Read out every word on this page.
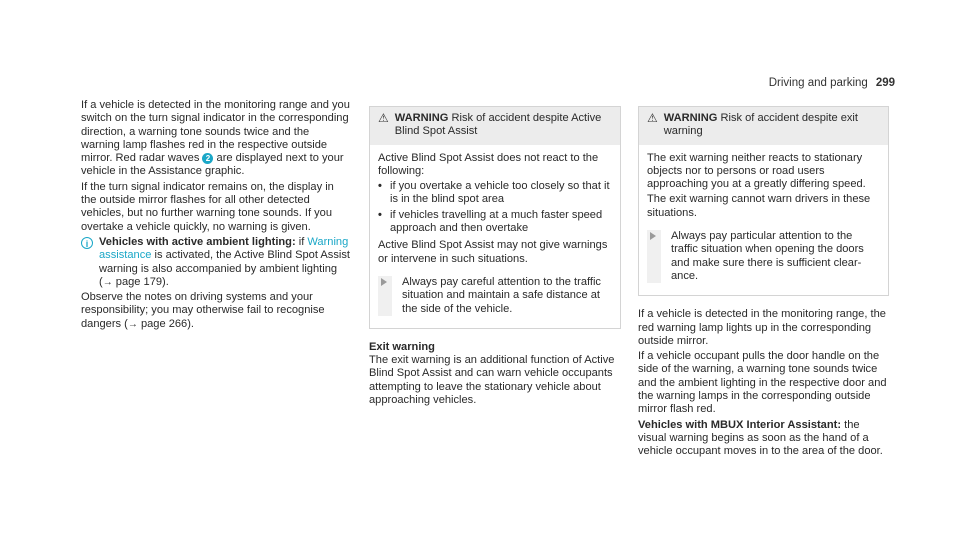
Driving and parking 299

If a vehicle is detected in the monitoring range and you switch on the turn signal indicator in the corresponding direction, a warning tone sounds twice and the warning lamp flashes red in the respective outside mirror. Red radar waves 2 are displayed next to your vehicle in the Assistance graphic.

If the turn signal indicator remains on, the display in the outside mirror flashes for all other detected vehicles, but no further warning tone sounds. If you overtake a vehicle quickly, no warning is given.

i Vehicles with active ambient lighting: if Warning assistance is activated, the Active Blind Spot Assist warning is also accompanied by ambient lighting (→ page 179).

Observe the notes on driving systems and your responsibility; you may otherwise fail to recognise dangers (→ page 266).

⚠ WARNING Risk of accident despite Active Blind Spot Assist

Active Blind Spot Assist does not react to the following:

• if you overtake a vehicle too closely so that it is in the blind spot area
• if vehicles travelling at a much faster speed approach and then overtake

Active Blind Spot Assist may not give warnings or intervene in such situations.

Always pay careful attention to the traffic situation and maintain a safe distance at the side of the vehicle.
Exit warning

The exit warning is an additional function of Active Blind Spot Assist and can warn vehicle occupants attempting to leave the stationary vehicle about approaching vehicles.

⚠ WARNING Risk of accident despite exit warning

The exit warning neither reacts to stationary objects nor to persons or road users approaching you at a greatly differing speed.

The exit warning cannot warn drivers in these situations.

Always pay particular attention to the traffic situation when opening the doors and make sure there is sufficient clearance.

If a vehicle is detected in the monitoring range, the red warning lamp lights up in the corresponding outside mirror.

If a vehicle occupant pulls the door handle on the side of the warning, a warning tone sounds twice and the ambient lighting in the respective door and the warning lamps in the corresponding outside mirror flash red.

Vehicles with MBUX Interior Assistant: the visual warning begins as soon as the hand of a vehicle occupant moves in to the area of the door.
